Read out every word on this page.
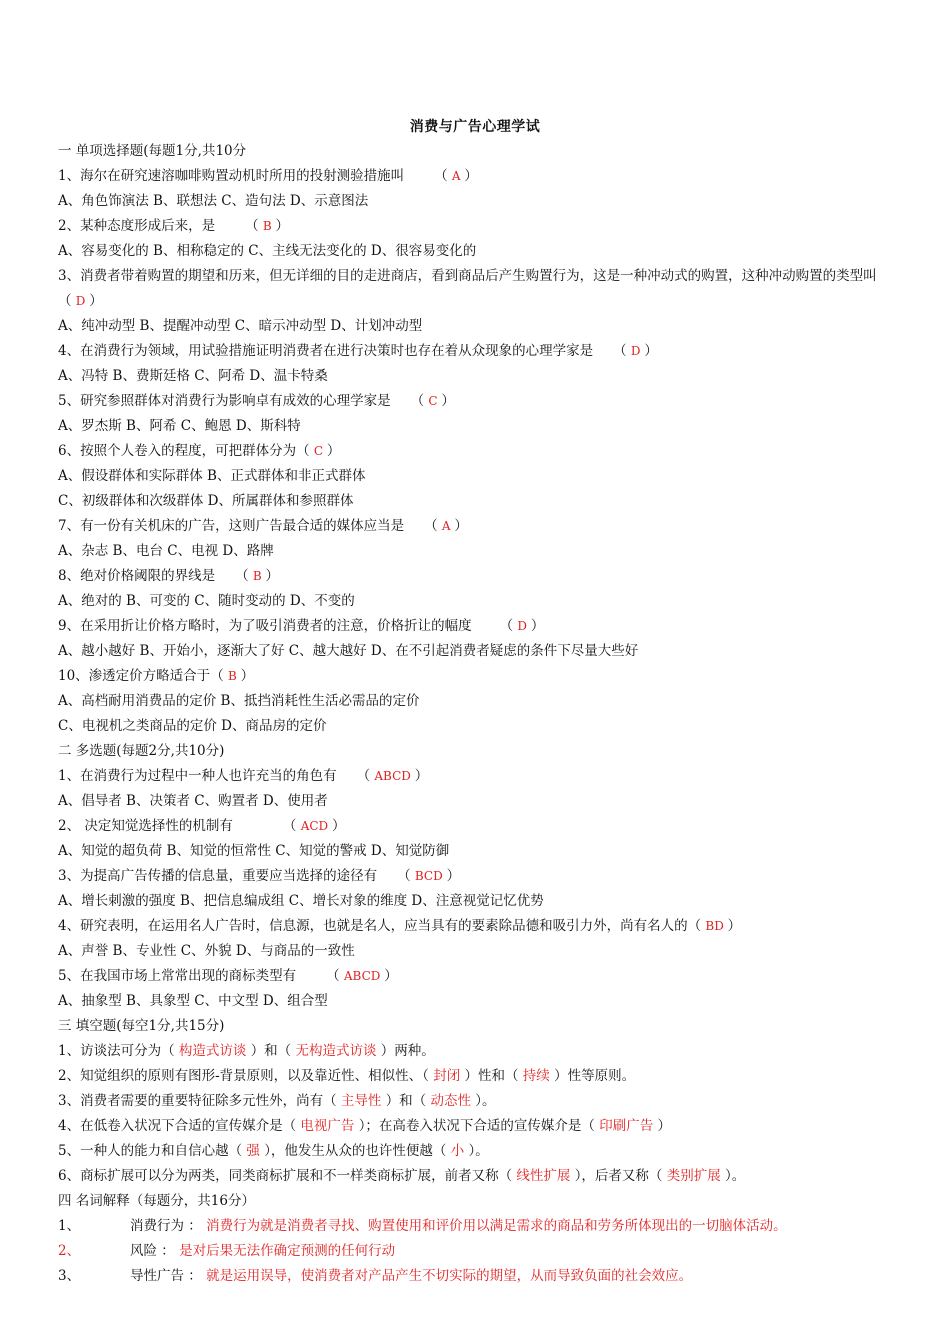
消费与广告心理学试
一 单项选择题(每题1分,共10分
1、海尔在研究速溶咖啡购置动机时所用的投射测验措施叫 （ A ）
A、角色饰演法 B、联想法 C、造句法 D、示意图法
2、某种态度形成后来，是 （ B ）
A、容易变化的 B、相称稳定的 C、主线无法变化的 D、很容易变化的
3、消费者带着购置的期望和历来，但无详细的目的走进商店，看到商品后产生购置行为，这是一种冲动式的购置，这种冲动购置的类型叫（ D ）
A、纯冲动型 B、提醒冲动型 C、暗示冲动型 D、计划冲动型
4、在消费行为领域，用试验措施证明消费者在进行决策时也存在着从众现象的心理学家是 （ D ）
A、冯特 B、费斯廷格 C、阿希 D、温卡特桑
5、研究参照群体对消费行为影响卓有成效的心理学家是 （ C ）
A、罗杰斯 B、阿希 C、鲍恩 D、斯科特
6、按照个人卷入的程度，可把群体分为（ C ）
A、假设群体和实际群体 B、正式群体和非正式群体
C、初级群体和次级群体 D、所属群体和参照群体
7、有一份有关机床的广告，这则广告最合适的媒体应当是 （ A ）
A、杂志 B、电台 C、电视 D、路牌
8、绝对价格阈限的界线是 （ B ）
A、绝对的 B、可变的 C、随时变动的 D、不变的
9、在采用折让价格方略时，为了吸引消费者的注意，价格折让的幅度 （ D ）
A、越小越好 B、开始小，逐渐大了好 C、越大越好 D、在不引起消费者疑虑的条件下尽量大些好
10、渗透定价方略适合于（ B ）
A、高档耐用消费品的定价 B、抵挡消耗性生活必需品的定价
C、电视机之类商品的定价 D、商品房的定价
二 多选题(每题2分,共10分)
1、在消费行为过程中一种人也许充当的角色有 （ ABCD ）
A、倡导者 B、决策者 C、购置者 D、使用者
2、 决定知觉选择性的机制有	（ ACD ）
A、知觉的超负荷 B、知觉的恒常性 C、知觉的警戒 D、知觉防御
3、为提高广告传播的信息量，重要应当选择的途径有 （ BCD ）
A、增长刺激的强度 B、把信息编成组 C、增长对象的维度 D、注意视觉记忆优势
4、研究表明，在运用名人广告时，信息源，也就是名人，应当具有的要素除品德和吸引力外，尚有名人的（ BD ）
A、声誉 B、专业性 C、外貌 D、与商品的一致性
5、在我国市场上常常出现的商标类型有 （ ABCD ）
A、抽象型 B、具象型 C、中文型 D、组合型
三 填空题(每空1分,共15分)
1、访谈法可分为（ 构造式访谈 ）和（ 无构造式访谈 ）两种。
2、知觉组织的原则有图形-背景原则，以及靠近性、相似性、（ 封闭 ）性和（ 持续 ）性等原则。
3、消费者需要的重要特征除多元性外，尚有（ 主导性 ）和（ 动态性 ）。
4、在低卷入状况下合适的宣传媒介是（ 电视广告 ）；在高卷入状况下合适的宣传媒介是（ 印刷广告 ）
5、一种人的能力和自信心越（ 强 ），他发生从众的也许性便越（ 小 ）。
6、商标扩展可以分为两类，同类商标扩展和不一样类商标扩展，前者又称（ 线性扩展 ），后者又称（ 类别扩展 ）。
四 名词解释（每题分，共16分）
1、	消费行为 ： 消费行为就是消费者寻找、购置使用和评价用以满足需求的商品和劳务所体现出的一切脑体活动。
2、	风险 ： 是对后果无法作确定预测的任何行动
3、	导性广告 ： 就是运用误导，使消费者对产品产生不切实际的期望，从而导致负面的社会效应。
